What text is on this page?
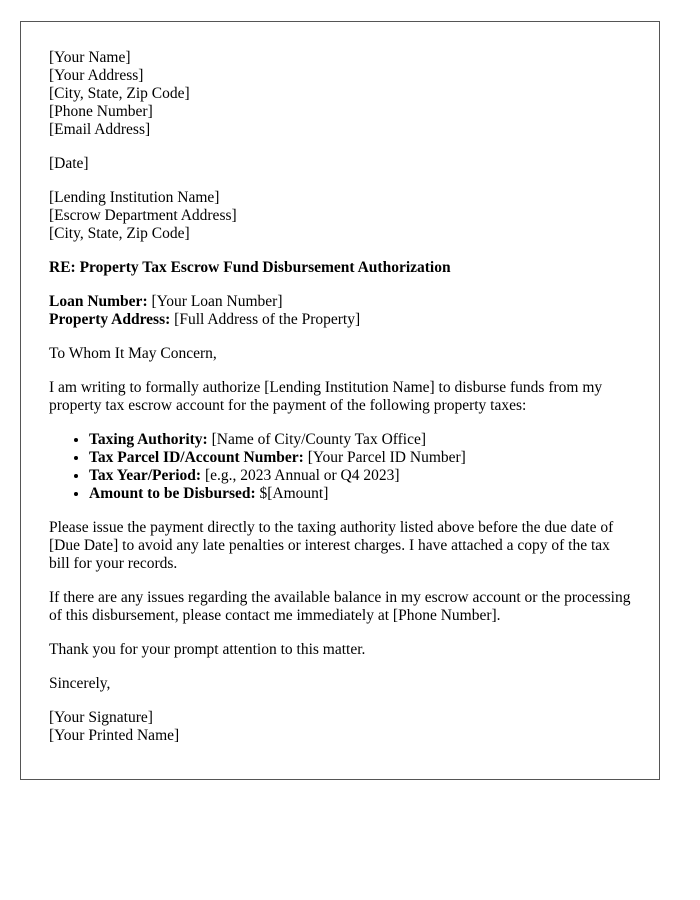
[Your Name]
[Your Address]
[City, State, Zip Code]
[Phone Number]
[Email Address]
[Date]
[Lending Institution Name]
[Escrow Department Address]
[City, State, Zip Code]
RE: Property Tax Escrow Fund Disbursement Authorization
Loan Number: [Your Loan Number]
Property Address: [Full Address of the Property]

To Whom It May Concern,

I am writing to formally authorize [Lending Institution Name] to disburse funds from my property tax escrow account for the payment of the following property taxes:

• Taxing Authority: [Name of City/County Tax Office]
• Tax Parcel ID/Account Number: [Your Parcel ID Number]
• Tax Year/Period: [e.g., 2023 Annual or Q4 2023]
• Amount to be Disbursed: $[Amount]

Please issue the payment directly to the taxing authority listed above before the due date of [Due Date] to avoid any late penalties or interest charges. I have attached a copy of the tax bill for your records.

If there are any issues regarding the available balance in my escrow account or the processing of this disbursement, please contact me immediately at [Phone Number].

Thank you for your prompt attention to this matter.

Sincerely,

[Your Signature]
[Your Printed Name]
